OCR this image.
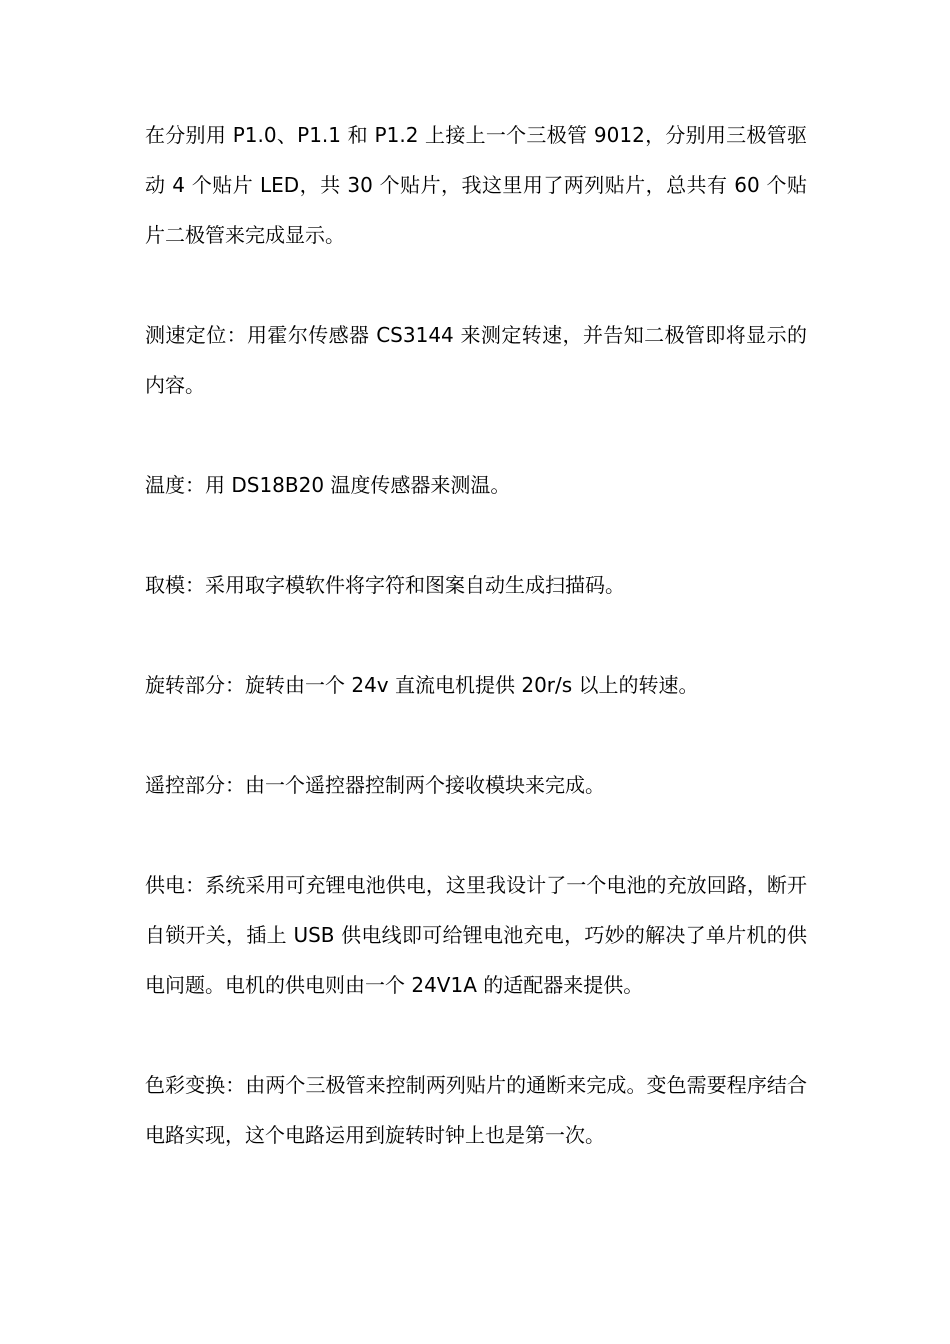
在分别用 P1.0、P1.1 和 P1.2 上接上一个三极管 9012，分别用三极管驱动 4 个贴片 LED，共 30 个贴片，我这里用了两列贴片，总共有 60 个贴片二极管来完成显示。

测速定位：用霍尔传感器 CS3144 来测定转速，并告知二极管即将显示的内容。

温度：用 DS18B20 温度传感器来测温。

取模：采用取字模软件将字符和图案自动生成扫描码。

旋转部分：旋转由一个 24v 直流电机提供 20r/s 以上的转速。

遥控部分：由一个遥控器控制两个接收模块来完成。

供电：系统采用可充锂电池供电，这里我设计了一个电池的充放回路，断开自锁开关，插上 USB 供电线即可给锂电池充电，巧妙的解决了单片机的供电问题。电机的供电则由一个 24V1A 的适配器来提供。

色彩变换：由两个三极管来控制两列贴片的通断来完成。变色需要程序结合电路实现，这个电路运用到旋转时钟上也是第一次。
